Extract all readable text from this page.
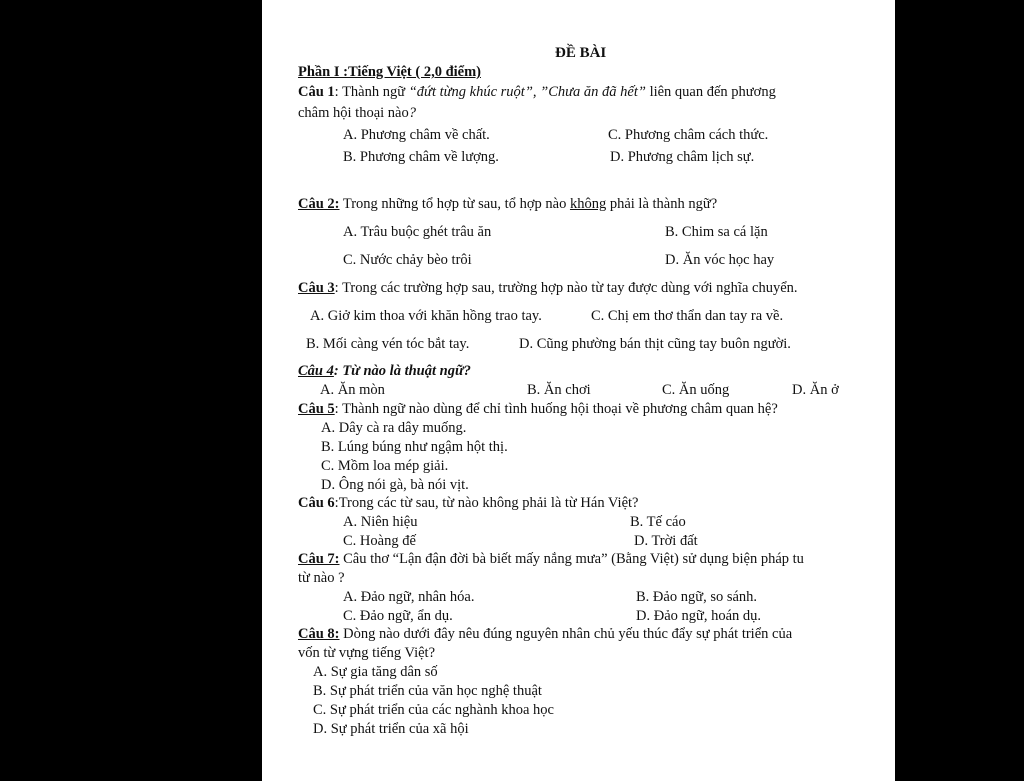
ĐỀ BÀI
Phần I :Tiếng Việt ( 2,0 điểm)
Câu 1: Thành ngữ “đứt từng khúc ruột”, ”Chưa ăn đã hết” liên quan đến phương
châm hội thoại nào?
A. Phương châm về chất.	C. Phương châm cách thức.
B. Phương châm về lượng.	D. Phương châm lịch sự.
Câu 2: Trong những tổ hợp từ sau, tổ hợp nào không phải là thành ngữ?
A. Trâu buộc ghét trâu ăn	B. Chim sa cá lặn
C. Nước chảy bèo trôi	D. Ăn vóc học hay
Câu 3: Trong các trường hợp sau, trường hợp nào từ tay được dùng với nghĩa chuyển.
A. Giở kim thoa với khăn hồng trao tay.	C. Chị em thơ thẩn dan tay ra về.
B. Mối càng vén tóc bắt tay.	D. Cũng phường bán thịt cũng tay buôn người.
Câu 4: Từ nào là thuật ngữ?
A. Ăn mòn	B. Ăn chơi	C. Ăn uống	D. Ăn ở
Câu 5: Thành ngữ nào dùng để chỉ tình huống hội thoại về phương châm quan hệ?
A. Dây cà ra dây muống.
B. Lúng búng như ngậm hột thị.
C. Mồm loa mép giải.
D. Ông nói gà, bà nói vịt.
Câu 6:Trong các từ sau, từ nào không phải là từ Hán Việt?
A. Niên hiệu	B. Tế cáo
C. Hoàng đế	D. Trời đất
Câu 7: Câu thơ “Lận đận đời bà biết mấy nắng mưa” (Bằng Việt) sử dụng biện pháp tu
từ nào ?
A. Đảo ngữ, nhân hóa.	B. Đảo ngữ, so sánh.
C. Đảo ngữ, ẩn dụ.	D. Đảo ngữ, hoán dụ.
Câu 8: Dòng nào dưới đây nêu đúng nguyên nhân chủ yếu thúc đẩy sự phát triển của
vốn từ vựng tiếng Việt?
A. Sự gia tăng dân số
B. Sự phát triển của văn học nghệ thuật
C. Sự phát triển của các nghành khoa học
D. Sự phát triển của xã hội
